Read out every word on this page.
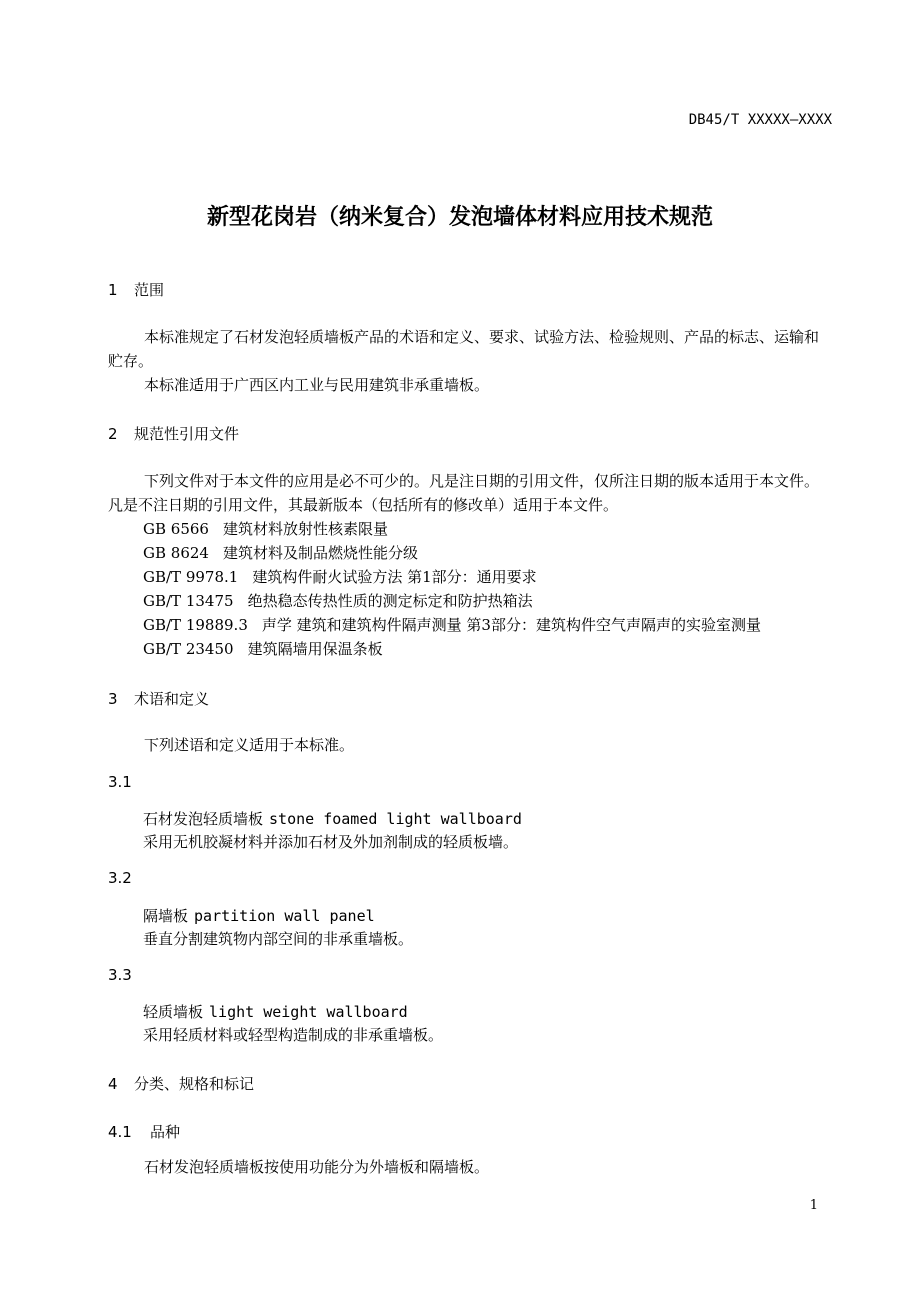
DB45/T XXXXX—XXXX
新型花岗岩（纳米复合）发泡墙体材料应用技术规范
1 范围
本标准规定了石材发泡轻质墙板产品的术语和定义、要求、试验方法、检验规则、产品的标志、运输和贮存。
本标准适用于广西区内工业与民用建筑非承重墙板。
2 规范性引用文件
下列文件对于本文件的应用是必不可少的。凡是注日期的引用文件，仅所注日期的版本适用于本文件。凡是不注日期的引用文件，其最新版本（包括所有的修改单）适用于本文件。
GB 6566 建筑材料放射性核素限量
GB 8624 建筑材料及制品燃烧性能分级
GB/T 9978.1 建筑构件耐火试验方法 第1部分：通用要求
GB/T 13475 绝热稳态传热性质的测定标定和防护热箱法
GB/T 19889.3 声学 建筑和建筑构件隔声测量 第3部分：建筑构件空气声隔声的实验室测量
GB/T 23450 建筑隔墙用保温条板
3 术语和定义
下列述语和定义适用于本标准。
3.1
石材发泡轻质墙板 stone foamed light wallboard
采用无机胶凝材料并添加石材及外加剂制成的轻质板墙。
3.2
隔墙板 partition wall panel
垂直分割建筑物内部空间的非承重墙板。
3.3
轻质墙板 light weight wallboard
采用轻质材料或轻型构造制成的非承重墙板。
4 分类、规格和标记
4.1 品种
石材发泡轻质墙板按使用功能分为外墙板和隔墙板。
1
